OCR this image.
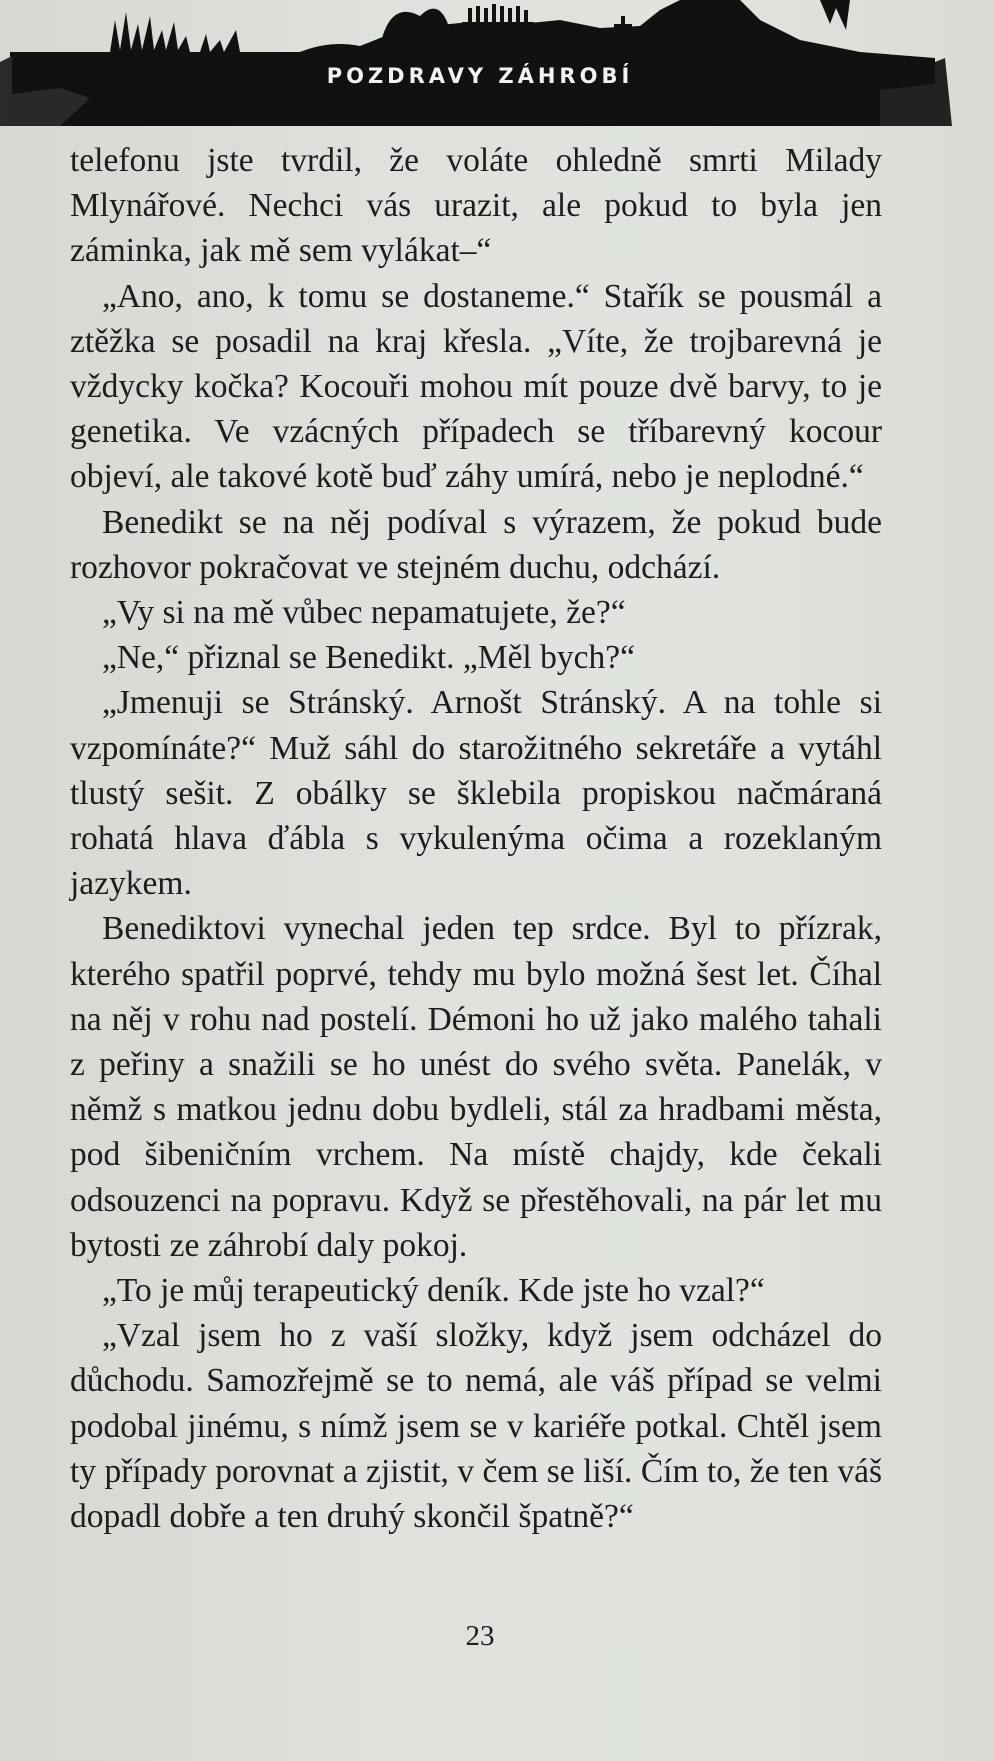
POZDRAVY ZÁHROBÍ

telefonu jste tvrdil, že voláte ohledně smrti Milady Mlynářové. Nechci vás urazit, ale pokud to byla jen záminka, jak mě sem vylákat–“

„Ano, ano, k tomu se dostaneme.“ Stařík se pousmál a ztěžka se posadil na kraj křesla. „Víte, že trojbarevná je vždycky kočka? Kocouři mohou mít pouze dvě barvy, to je genetika. Ve vzácných případech se tříbarevný kocour objeví, ale takové kotě buď záhy umírá, nebo je neplodné.“

Benedikt se na něj podíval s výrazem, že pokud bude rozhovor pokračovat ve stejném duchu, odchází.

„Vy si na mě vůbec nepamatujete, že?“

„Ne,“ přiznal se Benedikt. „Měl bych?“

„Jmenuji se Stránský. Arnošt Stránský. A na tohle si vzpomínáte?“ Muž sáhl do starožitného sekretáře a vytáhl tlustý sešit. Z obálky se šklebila propiskou načmáraná rohatá hlava ďábla s vykulenýma očima a rozeklaným jazykem.

Benediktovi vynechal jeden tep srdce. Byl to přízrak, kterého spatřil poprvé, tehdy mu bylo možná šest let. Číhal na něj v rohu nad postelí. Démoni ho už jako malého tahali z peřiny a snažili se ho unést do svého světa. Panelák, v němž s matkou jednu dobu bydleli, stál za hradbami města, pod šibeničním vrchem. Na místě chajdy, kde čekali odsouzenci na popravu. Když se přestěhovali, na pár let mu bytosti ze záhrobí daly pokoj.

„To je můj terapeutický deník. Kde jste ho vzal?“

„Vzal jsem ho z vaší složky, když jsem odcházel do důchodu. Samozřejmě se to nemá, ale váš případ se velmi podobal jinému, s nímž jsem se v kariéře potkal. Chtěl jsem ty případy porovnat a zjistit, v čem se liší. Čím to, že ten váš dopadl dobře a ten druhý skončil špatně?“

23
